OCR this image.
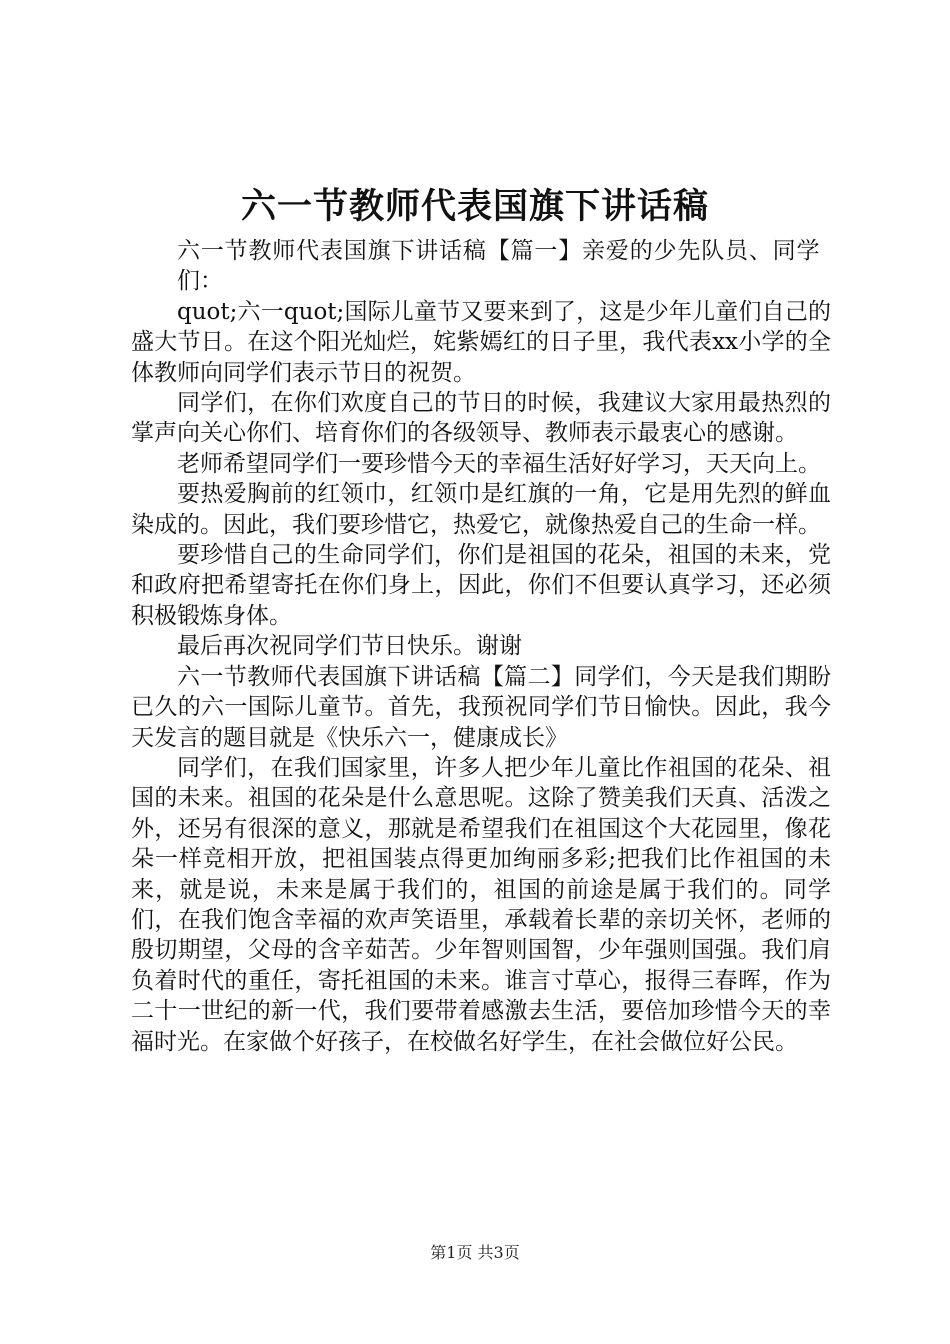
六一节教师代表国旗下讲话稿

六一节教师代表国旗下讲话稿【篇一】亲爱的少先队员、同学们：

quot;六一quot;国际儿童节又要来到了，这是少年儿童们自己的盛大节日。在这个阳光灿烂，姹紫嫣红的日子里，我代表xx小学的全体教师向同学们表示节日的祝贺。

同学们，在你们欢度自己的节日的时候，我建议大家用最热烈的掌声向关心你们、培育你们的各级领导、教师表示最衷心的感谢。

老师希望同学们一要珍惜今天的幸福生活好好学习，天天向上。

要热爱胸前的红领巾，红领巾是红旗的一角，它是用先烈的鲜血染成的。因此，我们要珍惜它，热爱它，就像热爱自己的生命一样。

要珍惜自己的生命同学们，你们是祖国的花朵，祖国的未来，党和政府把希望寄托在你们身上，因此，你们不但要认真学习，还必须积极锻炼身体。

最后再次祝同学们节日快乐。谢谢

六一节教师代表国旗下讲话稿【篇二】同学们，今天是我们期盼已久的六一国际儿童节。首先，我预祝同学们节日愉快。因此，我今天发言的题目就是《快乐六一，健康成长》

同学们，在我们国家里，许多人把少年儿童比作祖国的花朵、祖国的未来。祖国的花朵是什么意思呢。这除了赞美我们天真、活泼之外，还另有很深的意义，那就是希望我们在祖国这个大花园里，像花朵一样竞相开放，把祖国装点得更加绚丽多彩;把我们比作祖国的未来，就是说，未来是属于我们的，祖国的前途是属于我们的。同学们，在我们饱含幸福的欢声笑语里，承载着长辈的亲切关怀，老师的殷切期望，父母的含辛茹苦。少年智则国智，少年强则国强。我们肩负着时代的重任，寄托祖国的未来。谁言寸草心，报得三春晖，作为二十一世纪的新一代，我们要带着感激去生活，要倍加珍惜今天的幸福时光。在家做个好孩子，在校做名好学生，在社会做位好公民。

第1页 共3页
